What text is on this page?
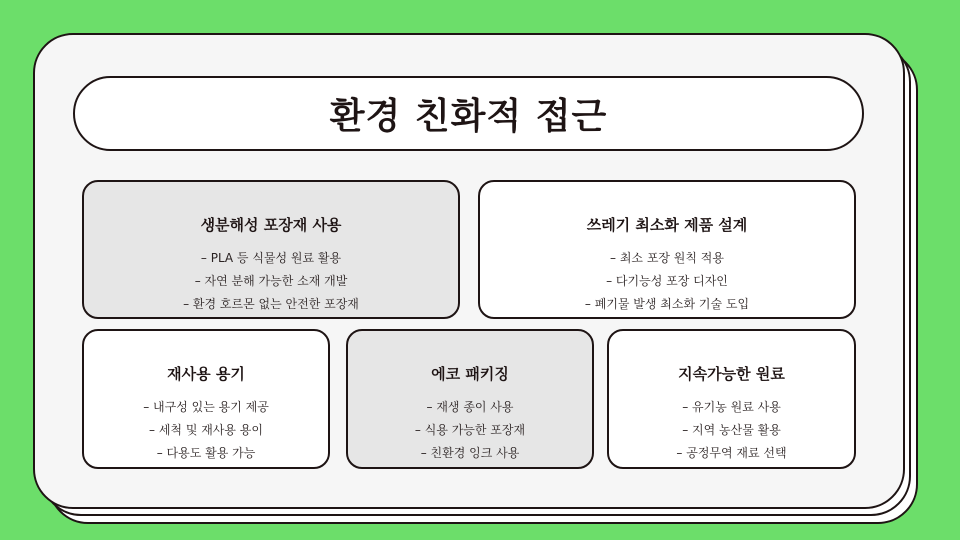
환경 친화적 접근
생분해성 포장재 사용
– PLA 등 식물성 원료 활용
– 자연 분해 가능한 소재 개발
– 환경 호르몬 없는 안전한 포장재
쓰레기 최소화 제품 설계
– 최소 포장 원칙 적용
– 다기능성 포장 디자인
– 폐기물 발생 최소화 기술 도입
재사용 용기
– 내구성 있는 용기 제공
– 세척 및 재사용 용이
– 다용도 활용 가능
에코 패키징
– 재생 종이 사용
– 식용 가능한 포장재
– 친환경 잉크 사용
지속가능한 원료
– 유기농 원료 사용
– 지역 농산물 활용
– 공정무역 재료 선택
